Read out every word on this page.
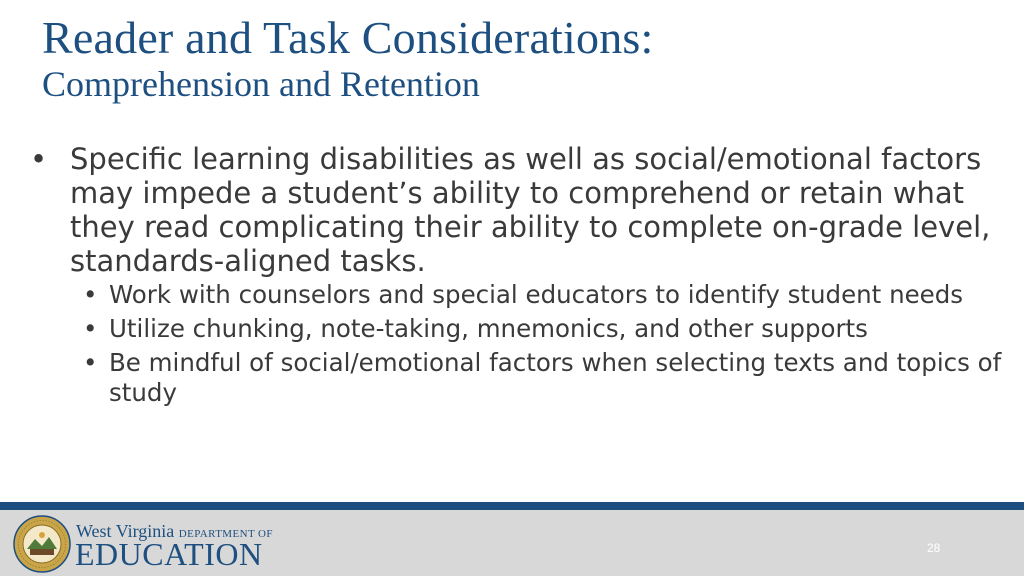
Reader and Task Considerations:
Comprehension and Retention
• Specific learning disabilities as well as social/emotional factors may impede a student’s ability to comprehend or retain what they read complicating their ability to complete on-grade level, standards-aligned tasks.
• Work with counselors and special educators to identify student needs
• Utilize chunking, note-taking, mnemonics, and other supports
• Be mindful of social/emotional factors when selecting texts and topics of study
West Virginia DEPARTMENT OF
EDUCATION	28
